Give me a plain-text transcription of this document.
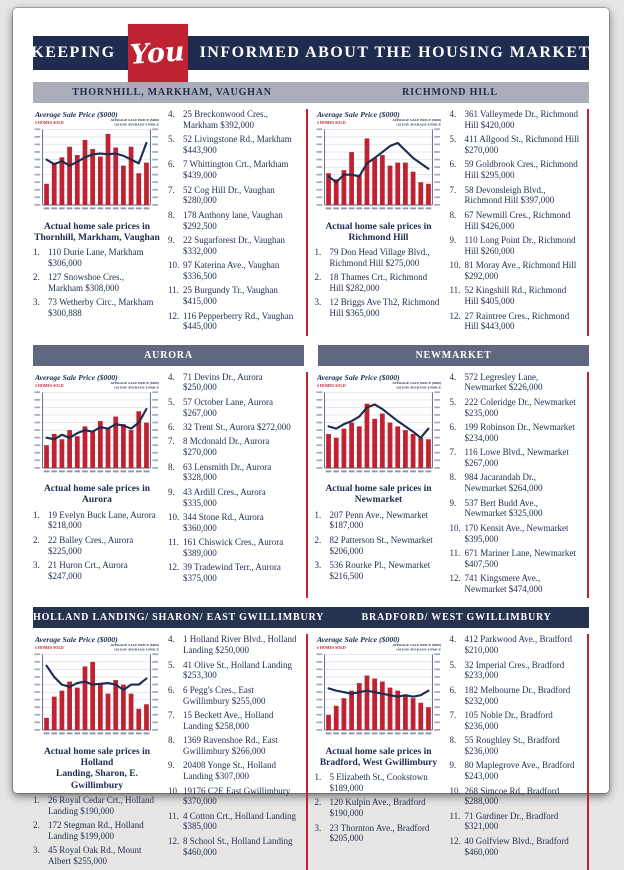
KEEPING You INFORMED ABOUT THE HOUSING MARKET
THORNHILL, MARKHAM, VAUGHAN	RICHMOND HILL
Average Sale Price ($000)
# HOMES SOLD
AVERAGE SALE PRICE ($000)
120 DAY AVERAGE $ PRICE
Actual home sale prices in
Thornhill, Markham, Vaughan
1. 110 Durie Lane, Markham $306,000
2. 127 Snowshoe Cres., Markham $308,000
3. 73 Wetherby Circ., Markham $300,888
4. 25 Breckonwood Cres., Markham $392,000
5. 52 Livingstone Rd., Markham $443,900
6. 7 Whittington Crt., Markham $439,000
7. 52 Cog Hill Dr., Vaughan $280,000
8. 178 Anthony lane, Vaughan $292,500
9. 22 Sugarforest Dr., Vaughan $332,000
10. 97 Katerina Ave., Vaughan $336,500
11. 25 Burgundy Tr., Vaughan $415,000
12. 116 Pepperberry Rd., Vaughan $445,000
Average Sale Price ($000)
# HOMES SOLD
AVERAGE SALE PRICE ($000)
120 DAY AVERAGE $ PRICE
Actual home sale prices in
Richmond Hill
1. 79 Don Head Village Blvd., Richmond Hill $275,000
2. 18 Thames Crt., Richmond Hill $282,000
3. 12 Briggs Ave Th2, Richmond Hill $365,000
4. 361 Valleymede Dr., Richmond Hill $420,000
5. 411 Allgood St., Richmond Hill $270,000
6. 59 Goldbrook Cres., Richmond Hill $295,000
7. 58 Devonsleigh Blvd., Richmond Hill $397,000
8. 67 Newmill Cres., Richmond Hill $426,000
9. 110 Long Point Dr., Richmond Hill $260,000
10. 81 Moray Ave., Richmond Hill $292,000
11. 52 Kingshill Rd., Richmond Hill $405,000
12. 27 Raintree Cres., Richmond Hill $443,000
AURORA	NEWMARKET
Average Sale Price ($000)
# HOMES SOLD
AVERAGE SALE PRICE ($000)
120 DAY AVERAGE $ PRICE
Actual home sale prices in
Aurora
1. 19 Evelyn Buck Lane, Aurora $218,000
2. 22 Balley Cres., Aurora $225,000
3. 21 Huron Crt., Aurora $247,000
4. 71 Devins Dr., Aurora $250,000
5. 57 October Lane, Aurora $267,000
6. 32 Trent St., Aurora $272,000
7. 8 Mcdonald Dr., Aurora $270,000
8. 63 Lensmith Dr., Aurora $328,000
9. 43 Ardill Cres., Aurora $335,000
10. 344 Stone Rd., Aurora $360,000
11. 161 Chiswick Cres., Aurora $389,000
12. 39 Tradewind Terr., Aurora $375,000
Average Sale Price ($000)
# HOMES SOLD
AVERAGE SALE PRICE ($000)
120 DAY AVERAGE $ PRICE
Actual home sale prices in
Newmarket
1. 207 Penn Ave., Newmarket $187,000
2. 82 Patterson St., Newmarket $206,000
3. 536 Rourke Pl., Newmarket $216,500
4. 572 Legresley Lane, Newmarket $226,000
5. 222 Coleridge Dr., Newmarket $235,000
6. 199 Robinson Dr., Newmarket $234,000
7. 116 Lowe Blvd., Newmarket $267,000
8. 984 Jacarandah Dr., Newmarket $264,000
9. 537 Bert Budd Ave., Newmarket $325,000
10. 170 Kensit Ave., Newmarket $395,000
11. 671 Mariner Lane, Newmarket $407,500
12. 741 Kingsmere Ave., Newmarket $474,000
HOLLAND LANDING/ SHARON/ EAST GWILLIMBURY	BRADFORD/ WEST GWILLIMBURY
Average Sale Price ($000)
# HOMES SOLD
AVERAGE SALE PRICE ($000)
120 DAY AVERAGE $ PRICE
Actual home sale prices in Holland
Landing, Sharon, E. Gwillimbury
1. 26 Royal Cedar Crt., Holland Landing $190,000
2. 172 Stegman Rd., Holland Landing $199,000
3. 45 Royal Oak Rd., Mount Albert $255,000
4. 1 Holland River Blvd., Holland Landing $250,000
5. 41 Olive St., Holland Landing $253,300
6. 6 Pegg's Cres., East Gwillimbury $255,000
7. 15 Beckett Ave., Holland Landing $258,000
8. 1369 Ravenshoe Rd., East Gwillimbury $266,000
9. 20408 Yonge St., Holland Landing $307,000
10. 19176 C2E East Gwillimbury $370,000
11. 4 Cotton Crt., Holland Landing $385,000
12. 8 School St., Holland Landing $460,000
Average Sale Price ($000)
# HOMES SOLD
AVERAGE SALE PRICE ($000)
120 DAY AVERAGE $ PRICE
Actual home sale prices in
Bradford, West Gwillimbury
1. 5 Elizabeth St., Cookstown $189,000
2. 120 Kulpin Ave., Bradford $190,000
3. 23 Thornton Ave., Bradford $205,000
4. 412 Parkwood Ave., Bradford $210,000
5. 32 Imperial Cres., Bradford $233,000
6. 182 Melbourne Dr., Bradford $232,000
7. 105 Noble Dr., Bradford $236,000
8. 55 Roughley St., Bradford $236,000
9. 80 Maplegrove Ave., Bradford $243,000
10. 268 Simcoe Rd., Bradford $288,000
11. 71 Gardiner Dr., Bradford $321,000
12. 40 Golfview Blvd., Bradford $460,000
